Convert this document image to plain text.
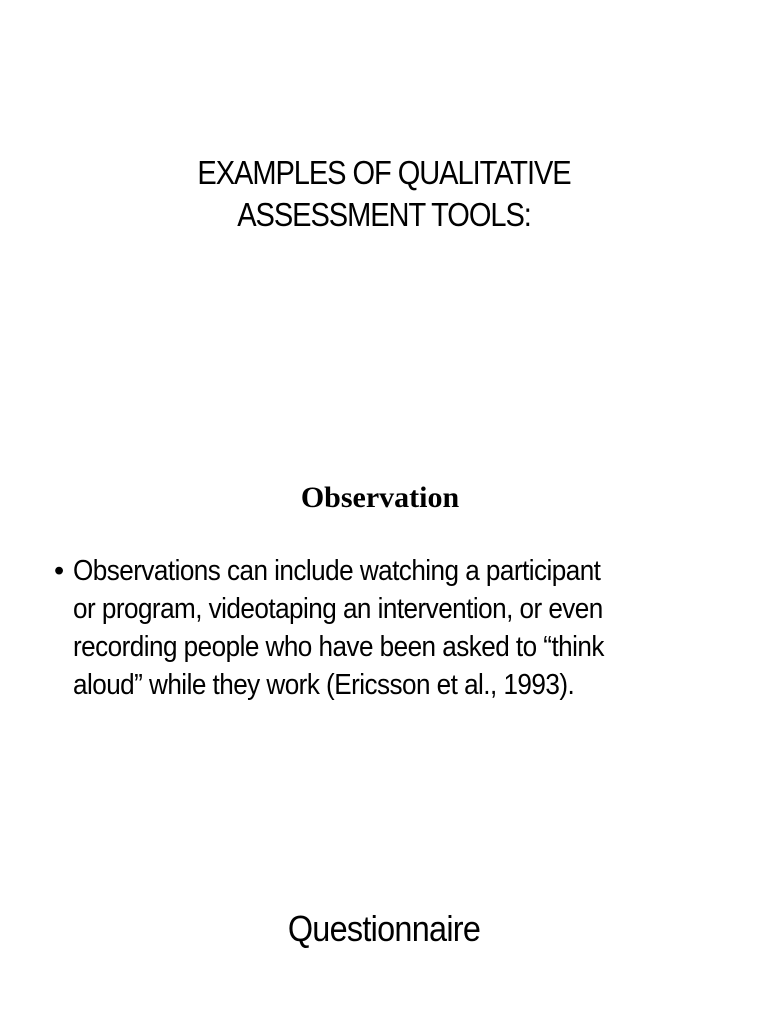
EXAMPLES OF QUALITATIVE
ASSESSMENT TOOLS:
Observation
• Observations can include watching a participant
or program, videotaping an intervention, or even
recording people who have been asked to “think
aloud” while they work (Ericsson et al., 1993).
Questionnaire
